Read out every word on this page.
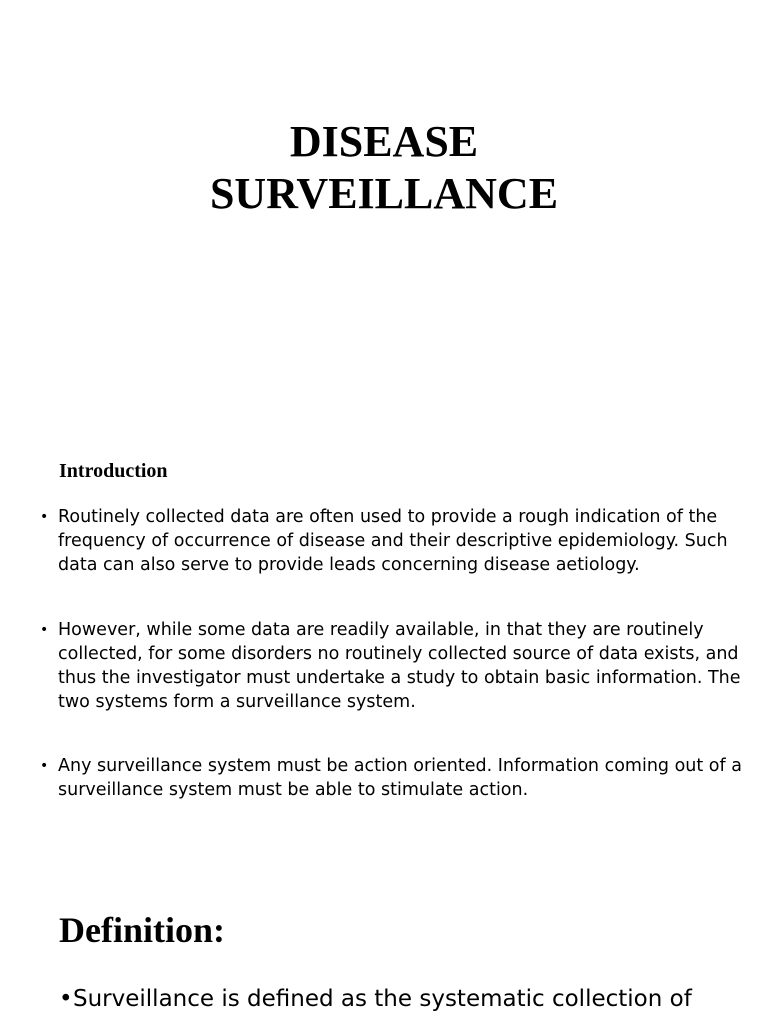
DISEASE
SURVEILLANCE
Introduction
• Routinely collected data are often used to provide a rough indication of the frequency of occurrence of disease and their descriptive epidemiology. Such data can also serve to provide leads concerning disease aetiology.
• However, while some data are readily available, in that they are routinely collected, for some disorders no routinely collected source of data exists, and thus the investigator must undertake a study to obtain basic information. The two systems form a surveillance system.
• Any surveillance system must be action oriented. Information coming out of a surveillance system must be able to stimulate action.
Definition:
• Surveillance is defined as the systematic collection of
